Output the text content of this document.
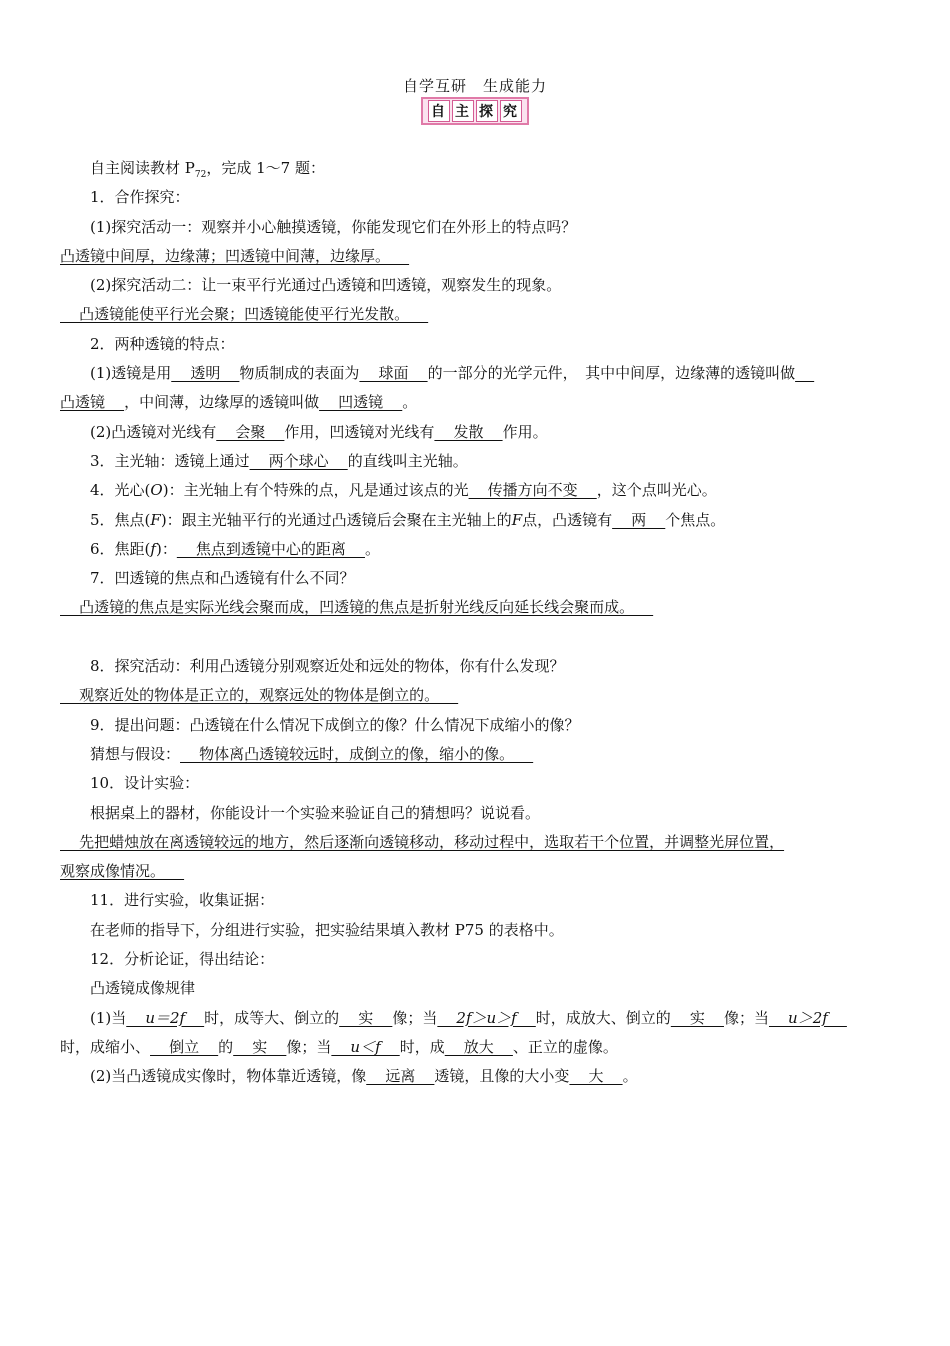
自学互研　生成能力
自 主 探 究
自主阅读教材 $P_{72}$，完成 1～7 题：
1．合作探究：
(1)探究活动一：观察并小心触摸透镜，你能发现它们在外形上的特点吗？
凸透镜中间厚，边缘薄；凹透镜中间薄，边缘厚。
(2)探究活动二：让一束平行光通过凸透镜和凹透镜，观察发生的现象。
凸透镜能使平行光会聚；凹透镜能使平行光发散。
2．两种透镜的特点：
(1)透镜是用    透明    物质制成的表面为    球面    的一部分的光学元件，　其中中间厚，边缘薄的透镜叫做
凸透镜    ，中间薄，边缘厚的透镜叫做    凹透镜    。
(2)凸透镜对光线有    会聚    作用，凹透镜对光线有    发散    作用。
3．主光轴：透镜上通过    两个球心    的直线叫主光轴。
4．光心(O)：主光轴上有个特殊的点，凡是通过该点的光    传播方向不变    ，这个点叫光心。
5．焦点(F)：跟主光轴平行的光通过凸透镜后会聚在主光轴上的F点，凸透镜有    两    个焦点。
6．焦距(f)：    焦点到透镜中心的距离    。
7．凹透镜的焦点和凸透镜有什么不同？
凸透镜的焦点是实际光线会聚而成，凹透镜的焦点是折射光线反向延长线会聚而成。
8．探究活动：利用凸透镜分别观察近处和远处的物体，你有什么发现？
观察近处的物体是正立的，观察远处的物体是倒立的。
9．提出问题：凸透镜在什么情况下成倒立的像？什么情况下成缩小的像？
猜想与假设：    物体离凸透镜较远时，成倒立的像，缩小的像。
10．设计实验：
根据桌上的器材，你能设计一个实验来验证自己的猜想吗？说说看。
先把蜡烛放在离透镜较远的地方，然后逐渐向透镜移动，移动过程中，选取若干个位置，并调整光屏位置，
观察成像情况。
11．进行实验，收集证据：
在老师的指导下，分组进行实验，把实验结果填入教材 P75 的表格中。
12．分析论证，得出结论：
凸透镜成像规律
(1)当    u＝2f    时，成等大、倒立的    实    像；当    2f＞u＞f    时，成放大、倒立的    实    像；当    u＞2f
时，成缩小、    倒立    的    实    像；当    u＜f    时，成    放大    、正立的虚像。
(2)当凸透镜成实像时，物体靠近透镜，像    远离    透镜，且像的大小变    大    。
